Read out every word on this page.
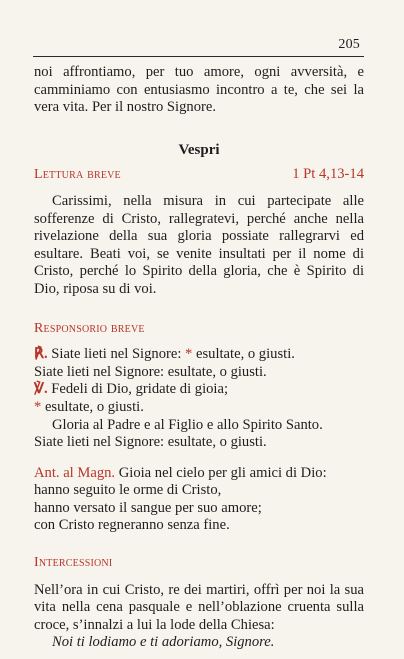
205

noi affrontiamo, per tuo amore, ogni avversità, e camminiamo con entusiasmo incontro a te, che sei la vera vita. Per il nostro Signore.

Vespri

Lettura breve	1 Pt 4,13-14

Carissimi, nella misura in cui partecipate alle sofferenze di Cristo, rallegratevi, perché anche nella rivelazione della sua gloria possiate rallegrarvi ed esultare. Beati voi, se venite insultati per il nome di Cristo, perché lo Spirito della gloria, che è Spirito di Dio, riposa su di voi.

Responsorio breve

℟. Siate lieti nel Signore: * esultate, o giusti.

Siate lieti nel Signore: esultate, o giusti.

℣. Fedeli di Dio, gridate di gioia;

* esultate, o giusti.

Gloria al Padre e al Figlio e allo Spirito Santo.

Siate lieti nel Signore: esultate, o giusti.

Ant. al Magn. Gioia nel cielo per gli amici di Dio:

hanno seguito le orme di Cristo,

hanno versato il sangue per suo amore;

con Cristo regneranno senza fine.

Intercessioni

Nell’ora in cui Cristo, re dei martiri, offrì per noi la sua vita nella cena pasquale e nell’oblazione cruenta sulla croce, s’innalzi a lui la lode della Chiesa:

Noi ti lodiamo e ti adoriamo, Signore.
